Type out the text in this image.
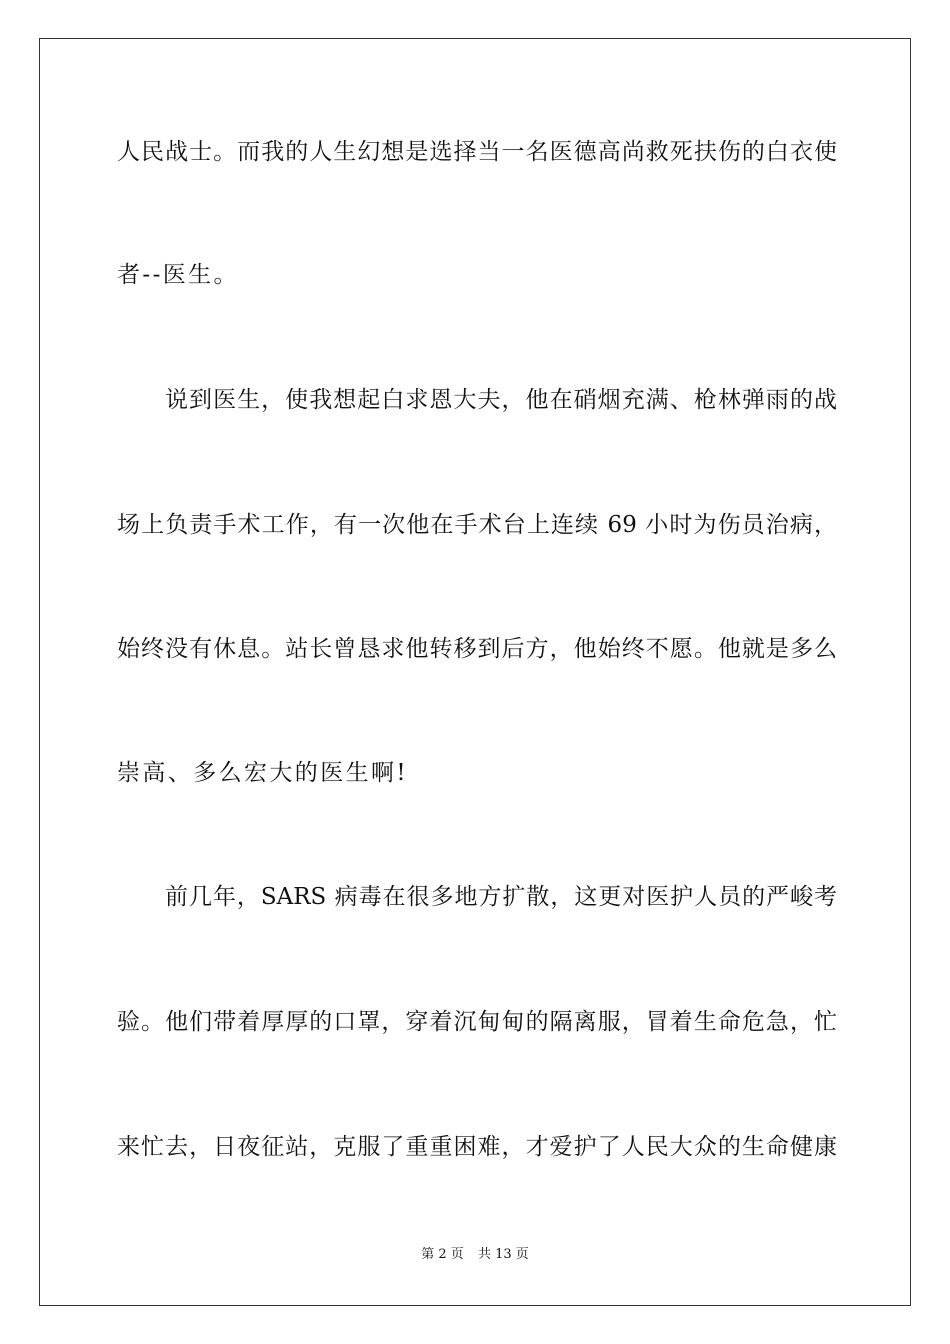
人民战士。而我的人生幻想是选择当一名医德高尚救死扶伤的白衣使
者--医生。
说到医生，使我想起白求恩大夫，他在硝烟充满、枪林弹雨的战
场上负责手术工作，有一次他在手术台上连续 69 小时为伤员治病，
始终没有休息。站长曾恳求他转移到后方，他始终不愿。他就是多么
崇高、多么宏大的医生啊!
前几年，SARS 病毒在很多地方扩散，这更对医护人员的严峻考
验。他们带着厚厚的口罩，穿着沉甸甸的隔离服，冒着生命危急，忙
来忙去，日夜征站，克服了重重困难，才爱护了人民大众的生命健康
第 2 页 共 13 页
